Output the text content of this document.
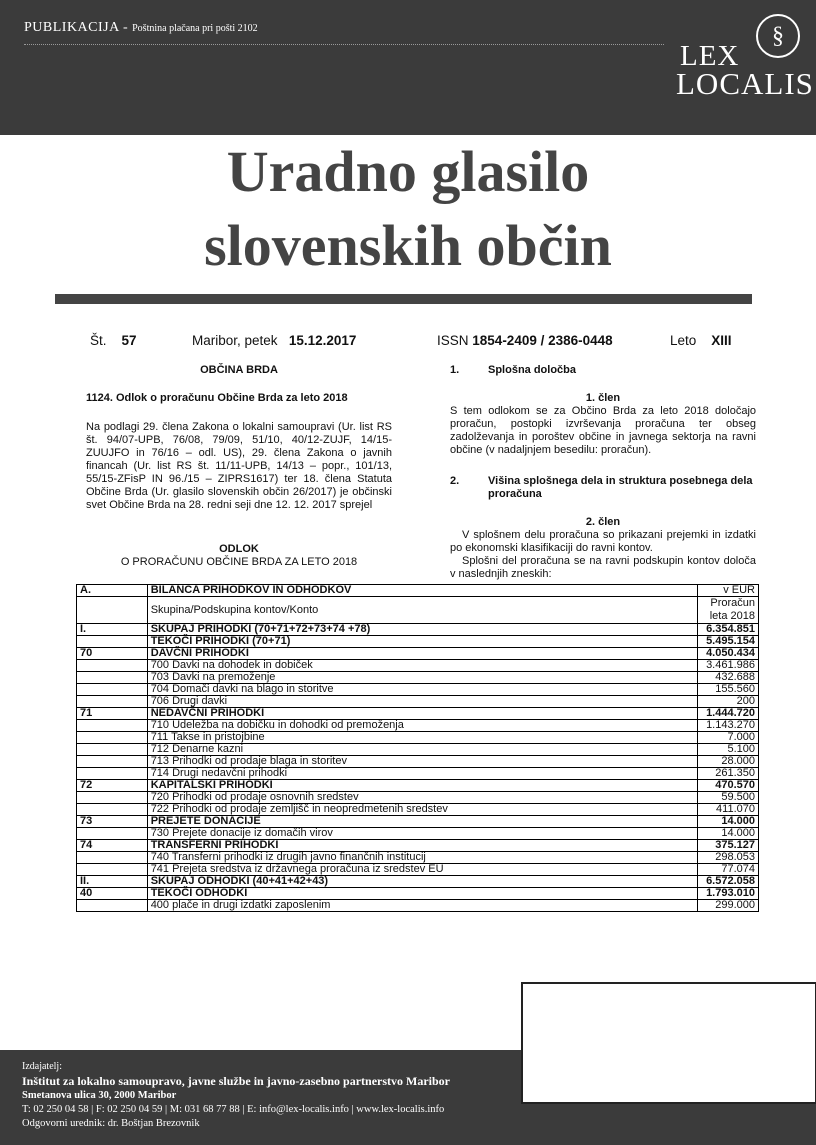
PUBLIKACIJA - Poštnina plačana pri pošti 2102	§
LEX
LOCALIS
Uradno glasilo
slovenskih občin
Št. 57	Maribor, petek 15.12.2017	ISSN 1854-2409 / 2386-0448	Leto XIII
OBČINA BRDA
1124. Odlok o proračunu Občine Brda za leto 2018
Na podlagi 29. člena Zakona o lokalni samoupravi (Ur. list RS št. 94/07-UPB, 76/08, 79/09, 51/10, 40/12-ZUJF, 14/15-ZUUJFO in 76/16 – odl. US), 29. člena Zakona o javnih financah (Ur. list RS št. 11/11-UPB, 14/13 – popr., 101/13, 55/15-ZFisP IN 96./15 – ZIPRS1617) ter 18. člena Statuta Občine Brda (Ur. glasilo slovenskih občin 26/2017) je občinski svet Občine Brda na 28. redni seji dne 12. 12. 2017 sprejel
ODLOK
O PRORAČUNU OBČINE BRDA ZA LETO 2018
1.	Splošna določba
1. člen
S tem odlokom se za Občino Brda za leto 2018 določajo proračun, postopki izvrševanja proračuna ter obseg zadolževanja in poroštev občine in javnega sektorja na ravni občine (v nadaljnjem besedilu: proračun).
2.	Višina splošnega dela in struktura posebnega dela proračuna
2. člen
V splošnem delu proračuna so prikazani prejemki in izdatki po ekonomski klasifikaciji do ravni kontov.
Splošni del proračuna se na ravni podskupin kontov določa v naslednjih zneskih:
A.	BILANCA PRIHODKOV IN ODHODKOV	v EUR
	Skupina/Podskupina kontov/Konto	Proračun leta 2018
I.	SKUPAJ PRIHODKI (70+71+72+73+74 +78)	6.354.851
	TEKOČI PRIHODKI (70+71)	5.495.154
70	DAVČNI PRIHODKI	4.050.434
	700 Davki na dohodek in dobiček	3.461.986
	703 Davki na premoženje	432.688
	704 Domači davki na blago in storitve	155.560
	706 Drugi davki	200
71	NEDAVČNI PRIHODKI	1.444.720
	710 Udeležba na dobičku in dohodki od premoženja	1.143.270
	711 Takse in pristojbine	7.000
	712 Denarne kazni	5.100
	713 Prihodki od prodaje blaga in storitev	28.000
	714 Drugi nedavčni prihodki	261.350
72	KAPITALSKI PRIHODKI	470.570
	720 Prihodki od prodaje osnovnih sredstev	59.500
	722 Prihodki od prodaje zemljišč in neopredmetenih sredstev	411.070
73	PREJETE DONACIJE	14.000
	730 Prejete donacije iz domačih virov	14.000
74	TRANSFERNI PRIHODKI	375.127
	740 Transferni prihodki iz drugih javno finančnih institucij	298.053
	741 Prejeta sredstva iz državnega proračuna iz sredstev EU	77.074
II.	SKUPAJ ODHODKI (40+41+42+43)	6.572.058
40	TEKOČI ODHODKI	1.793.010
	400 plače in drugi izdatki zaposlenim	299.000
Izdajatelj:
Inštitut za lokalno samoupravo, javne službe in javno-zasebno partnerstvo Maribor
Smetanova ulica 30, 2000 Maribor
T: 02 250 04 58 | F: 02 250 04 59 | M: 031 68 77 88 | E: info@lex-localis.info | www.lex-localis.info
Odgovorni urednik: dr. Boštjan Brezovnik
